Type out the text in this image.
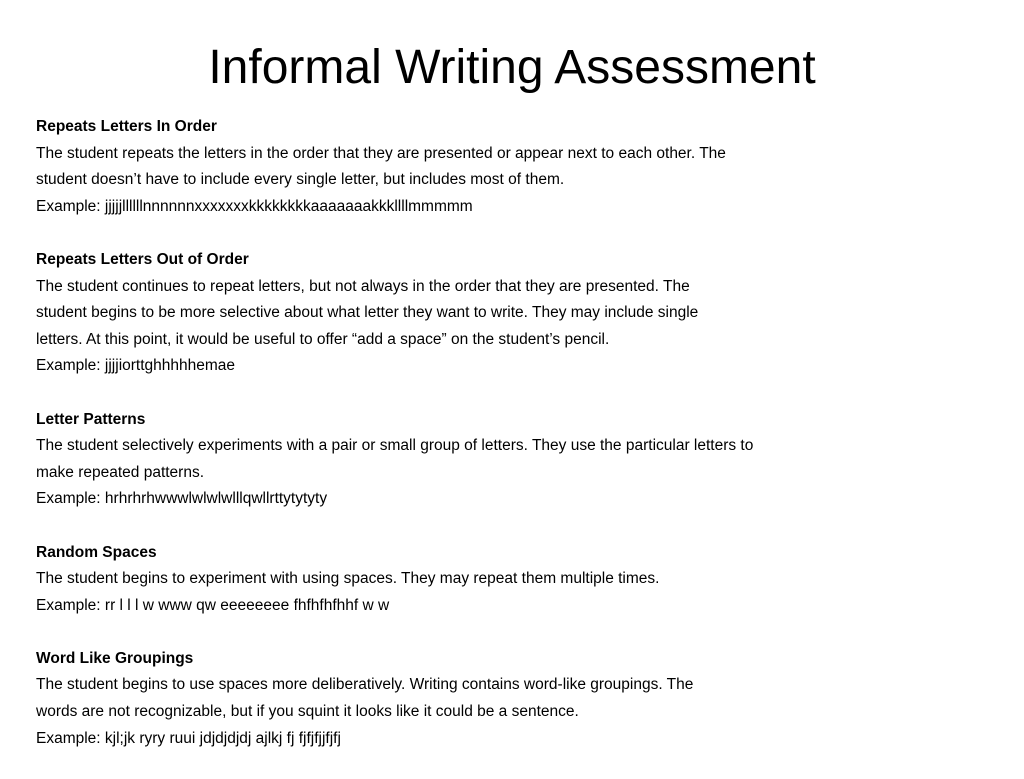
Informal Writing Assessment
Repeats Letters In Order
The student repeats the letters in the order that they are presented or appear next to each other. The
student doesn’t have to include every single letter, but includes most of them.
Example: jjjjjllllllnnnnnnxxxxxxxkkkkkkkkaaaaaaakkkllllmmmmm
Repeats Letters Out of Order
The student continues to repeat letters, but not always in the order that they are presented. The
student begins to be more selective about what letter they want to write. They may include single
letters. At this point, it would be useful to offer “add a space” on the student’s pencil.
Example: jjjjiorttghhhhhemae
Letter Patterns
The student selectively experiments with a pair or small group of letters. They use the particular letters to
make repeated patterns.
Example: hrhrhrhwwwlwlwlwlllqwllrttytytyty
Random Spaces
The student begins to experiment with using spaces. They may repeat them multiple times.
Example: rr l l l w www qw eeeeeeee fhfhfhfhhf w w
Word Like Groupings
The student begins to use spaces more deliberatively. Writing contains word-like groupings. The
words are not recognizable, but if you squint it looks like it could be a sentence.
Example: kjl;jk ryry ruui jdjdjdjdj ajlkj fj fjfjfjjfjfj
